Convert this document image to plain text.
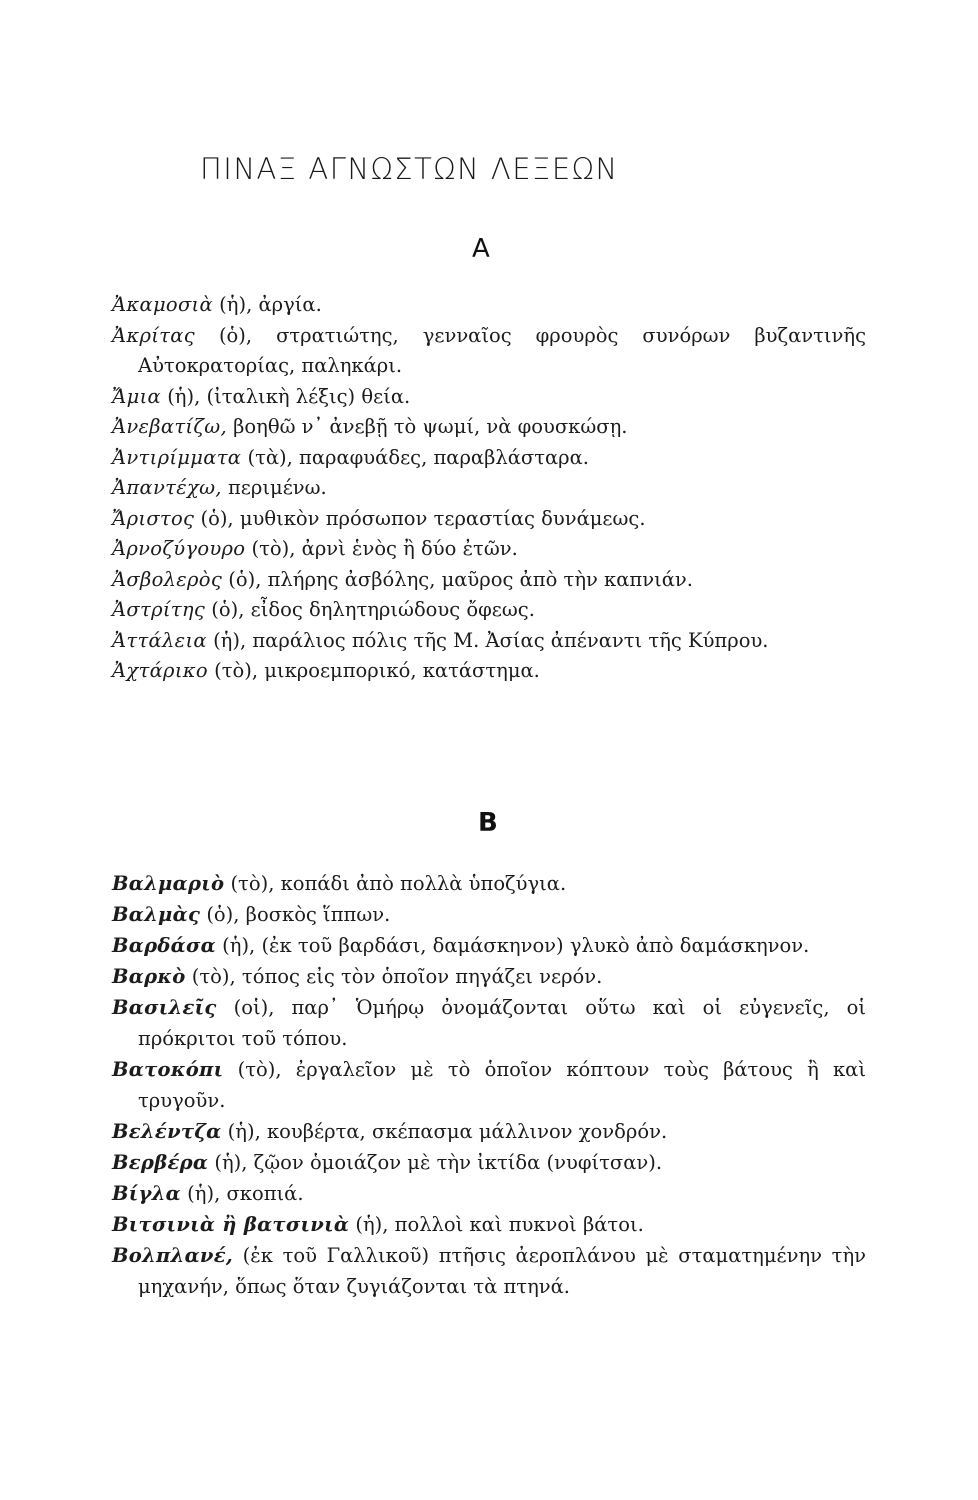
ΠΙΝΑΞ ΑΓΝΩΣΤΩΝ ΛΕΞΕΩΝ
Α
Ἀκαμοσιὰ (ἡ), ἀργία.
Ἀκρίτας (ὁ), στρατιώτης, γενναῖος φρουρὸς συνόρων βυζαντινῆς Αὐτοκρατορίας, παληκάρι.
Ἄμια (ἡ), (ἰταλικὴ λέξις) θεία.
Ἀνεβατίζω, βοηθῶ ν᾿ ἀνεβῇ τὸ ψωμί, νὰ φουσκώσῃ.
Ἀντιρίμματα (τὰ), παραφυάδες, παραβλάσταρα.
Ἀπαντέχω, περιμένω.
Ἄριστος (ὁ), μυθικὸν πρόσωπον τεραστίας δυνάμεως.
Ἀρνοζύγουρο (τὸ), ἀρνὶ ἑνὸς ἢ δύο ἐτῶν.
Ἀσβολερὸς (ὁ), πλήρης ἀσβόλης, μαῦρος ἀπὸ τὴν καπνιάν.
Ἀστρίτης (ὁ), εἶδος δηλητηριώδους ὄφεως.
Ἀττάλεια (ἡ), παράλιος πόλις τῆς Μ. Ἀσίας ἀπέναντι τῆς Κύπρου.
Ἀχτάρικο (τὸ), μικροεμπορικό, κατάστημα.
Β
Βαλμαριὸ (τὸ), κοπάδι ἀπὸ πολλὰ ὑποζύγια.
Βαλμὰς (ὁ), βοσκὸς ἵππων.
Βαρδάσα (ἡ), (ἐκ τοῦ βαρδάσι, δαμάσκηνον) γλυκὸ ἀπὸ δαμάσκηνον.
Βαρκὸ (τὸ), τόπος εἰς τὸν ὁποῖον πηγάζει νερόν.
Βασιλεῖς (οἱ), παρ᾿ Ὁμήρῳ ὀνομάζονται οὕτω καὶ οἱ εὐγενεῖς, οἱ πρόκριτοι τοῦ τόπου.
Βατοκόπι (τὸ), ἐργαλεῖον μὲ τὸ ὁποῖον κόπτουν τοὺς βάτους ἢ καὶ τρυγοῦν.
Βελέντζα (ἡ), κουβέρτα, σκέπασμα μάλλινον χονδρόν.
Βερβέρα (ἡ), ζῷον ὁμοιάζον μὲ τὴν ἰκτίδα (νυφίτσαν).
Βίγλα (ἡ), σκοπιά.
Βιτσινιὰ ἢ βατσινιὰ (ἡ), πολλοὶ καὶ πυκνοὶ βάτοι.
Βολπλανέ, (ἐκ τοῦ Γαλλικοῦ) πτῆσις ἀεροπλάνου μὲ σταματημένην τὴν μηχανήν, ὅπως ὅταν ζυγιάζονται τὰ πτηνά.
